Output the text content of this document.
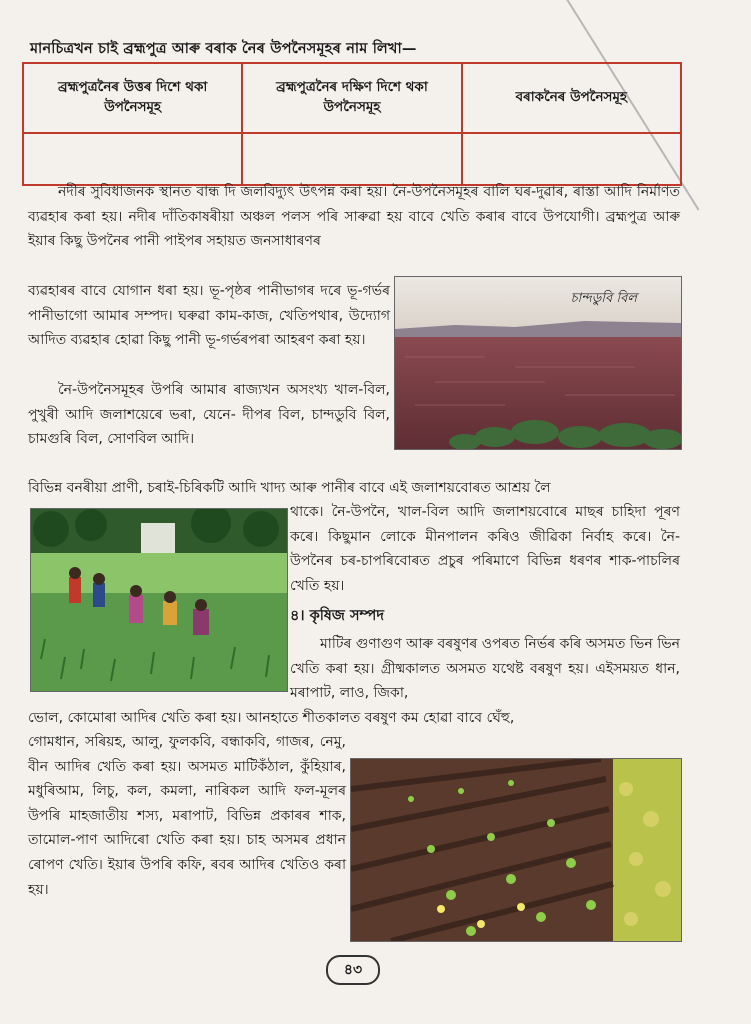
মানচিত্ৰখন চাই ব্ৰহ্মপুত্ৰ আৰু বৰাক নৈৰ উপনৈসমূহৰ নাম লিখা—
ব্ৰহ্মপুত্ৰনৈৰ উত্তৰ দিশে থকা উপনৈসমূহ	ব্ৰহ্মপুত্ৰনৈৰ দক্ষিণ দিশে থকা উপনৈসমূহ	বৰাকনৈৰ উপনৈসমূহ

নদীৰ সুবিধাজনক স্থানত বান্ধ দি জলবিদ্যুৎ উৎপন্ন কৰা হয়। নৈ-উপনৈসমূহৰ বালি ঘৰ-দুৱাৰ, ৰাস্তা আদি নিৰ্মাণত ব্যৱহাৰ কৰা হয়। নদীৰ দাঁতিকাষৰীয়া অঞ্চল পলস পৰি সাৰুৱা হয় বাবে খেতি কৰাৰ বাবে উপযোগী। ব্ৰহ্মপুত্ৰ আৰু ইয়াৰ কিছু উপনৈৰ পানী পাইপৰ সহায়ত জনসাধাৰণৰ

ব্যৱহাৰৰ বাবে যোগান ধৰা হয়। ভূ-পৃষ্ঠৰ পানীভাগৰ দৰে ভূ-গৰ্ভৰ পানীভাগো আমাৰ সম্পদ। ঘৰুৱা কাম-কাজ, খেতিপথাৰ, উদ্যোগ আদিত ব্যৱহাৰ হোৱা কিছু পানী ভূ-গৰ্ভৰপৰা আহৰণ কৰা হয়।

চান্দডুবি বিল

নৈ-উপনৈসমূহৰ উপৰি আমাৰ ৰাজ্যখন অসংখ্য খাল-বিল, পুখুৰী আদি জলাশয়েৰে ভৰা, যেনে- দীপৰ বিল, চান্দডুবি বিল, চামগুৰি বিল, সোণবিল আদি।

বিভিন্ন বনৰীয়া প্ৰাণী, চৰাই-চিৰিকটি আদি খাদ্য আৰু পানীৰ বাবে এই জলাশয়বোৰত আশ্ৰয় লৈ

থাকে। নৈ-উপনৈ, খাল-বিল আদি জলাশয়বোৰে মাছৰ চাহিদা পূৰণ কৰে। কিছুমান লোকে মীনপালন কৰিও জীৱিকা নিৰ্বাহ কৰে। নৈ-উপনৈৰ চৰ-চাপৰিবোৰত প্ৰচুৰ পৰিমাণে বিভিন্ন ধৰণৰ শাক-পাচলিৰ খেতি হয়।

৪। কৃষিজ সম্পদ

মাটিৰ গুণাগুণ আৰু বৰষুণৰ ওপৰত নিৰ্ভৰ কৰি অসমত ভিন ভিন খেতি কৰা হয়। গ্ৰীষ্মকালত অসমত যথেষ্ট বৰষুণ হয়। এইসময়ত ধান, মৰাপাট, লাও, জিকা,

ভোল, কোমোৰা আদিৰ খেতি কৰা হয়। আনহাতে শীতকালত বৰষুণ কম হোৱা বাবে ঘেঁহু,

গোমধান, সৰিয়হ, আলু, ফুলকবি, বন্ধাকবি, গাজৰ, নেমু, বীন আদিৰ খেতি কৰা হয়। অসমত মাটিকঁঠাল, কুঁহিয়াৰ, মধুৰিআম, লিচু, কল, কমলা, নাৰিকল আদি ফল-মূলৰ উপৰি মাহজাতীয় শস্য, মৰাপাট, বিভিন্ন প্ৰকাৰৰ শাক, তামোল-পাণ আদিৰো খেতি কৰা হয়। চাহ অসমৰ প্ৰধান ৰোপণ খেতি। ইয়াৰ উপৰি কফি, ৰবৰ আদিৰ খেতিও কৰা হয়।

৪৩
